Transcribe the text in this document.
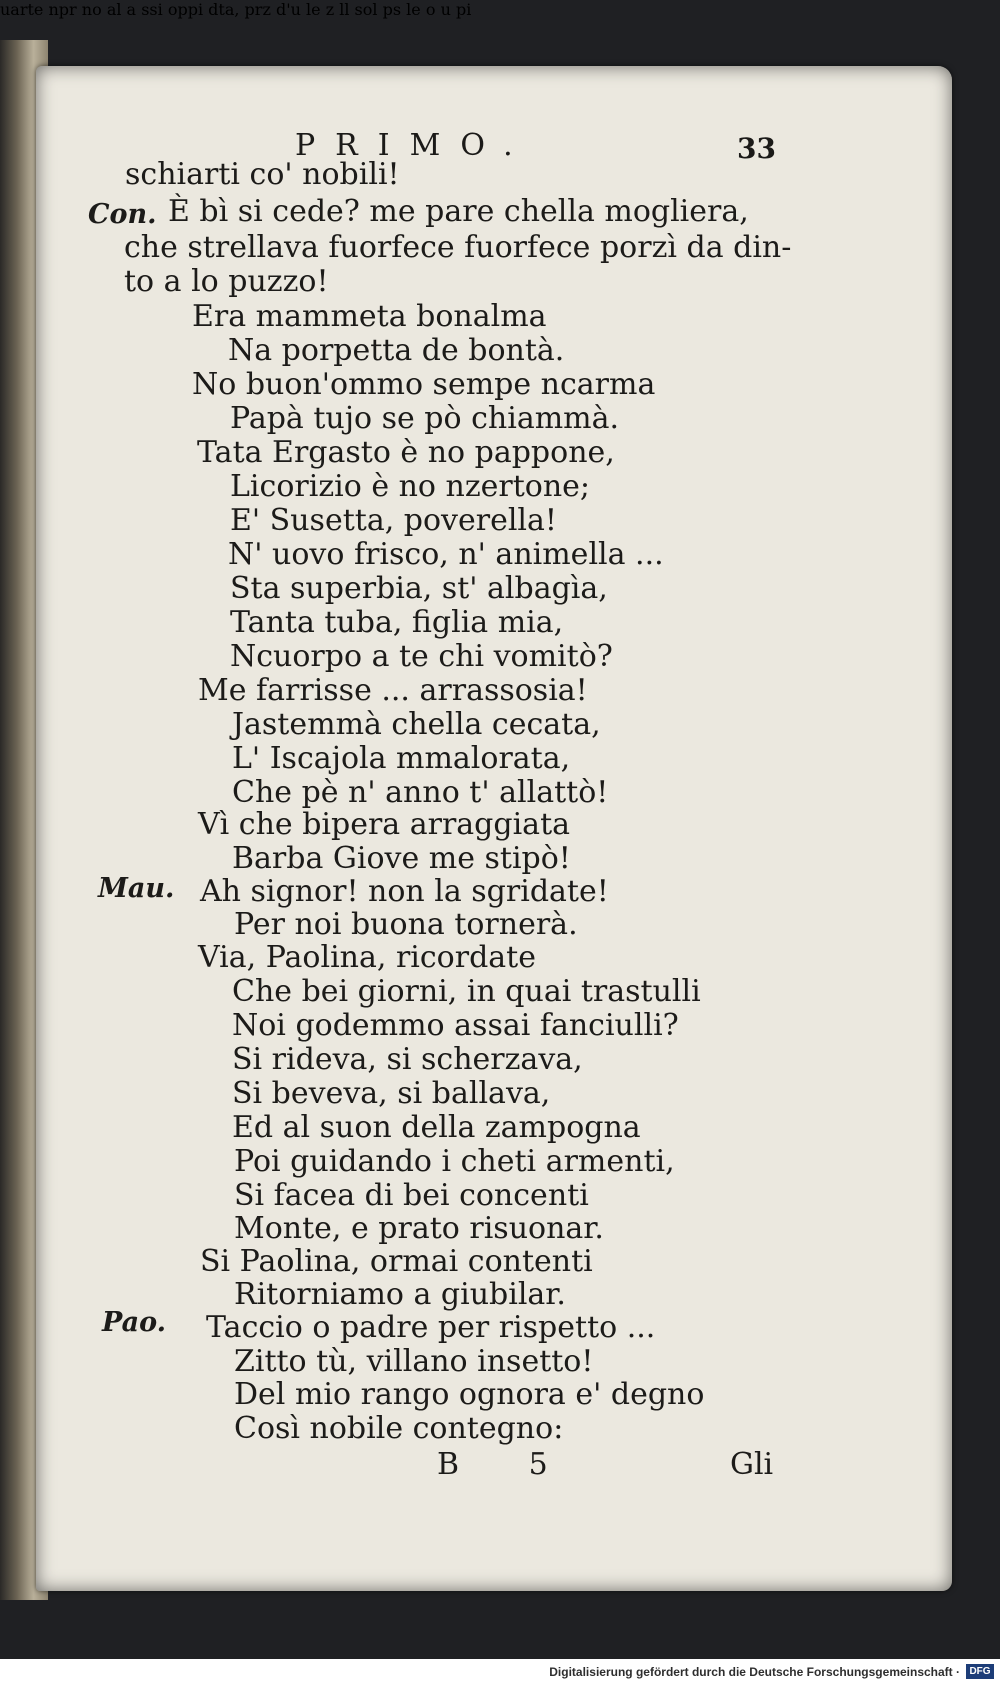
PRIMO.	33
Con.
Mau.
Pao.
schiarti co' nobili!
È bì si cede? me pare chella mogliera,
che strellava fuorfece fuorfece porzì da din-
to a lo puzzo!
Era mammeta bonalma
Na porpetta de bontà.
No buon'ommo sempe ncarma
Papà tujo se pò chiammà.
Tata Ergasto è no pappone,
Licorizio è no nzertone;
E' Susetta, poverella!
N' uovo frisco, n' animella ...
Sta superbia, st' albagìa,
Tanta tuba, figlia mia,
Ncuorpo a te chi vomitò?
Me farrisse ... arrassosia!
Jastemmà chella cecata,
L' Iscajola mmalorata,
Che pè n' anno t' allattò!
Vì che bipera arraggiata
Barba Giove me stipò!
Ah signor! non la sgridate!
Per noi buona tornerà.
Via, Paolina, ricordate
Che bei giorni, in quai trastulli
Noi godemmo assai fanciulli?
Si rideva, si scherzava,
Si beveva, si ballava,
Ed al suon della zampogna
Poi guidando i cheti armenti,
Si facea di bei concenti
Monte, e prato risuonar.
Si Paolina, ormai contenti
Ritorniamo a giubilar.
Taccio o padre per rispetto ...
Zitto tù, villano insetto!
Del mio rango ognora e' degno
Così nobile contegno:
B 5	Gli
uarte npr no al a ssi oppi dta, prz d'u le z ll sol ps le o u pi
Digitalisierung gefördert durch die Deutsche Forschungsgemeinschaft · DFG
